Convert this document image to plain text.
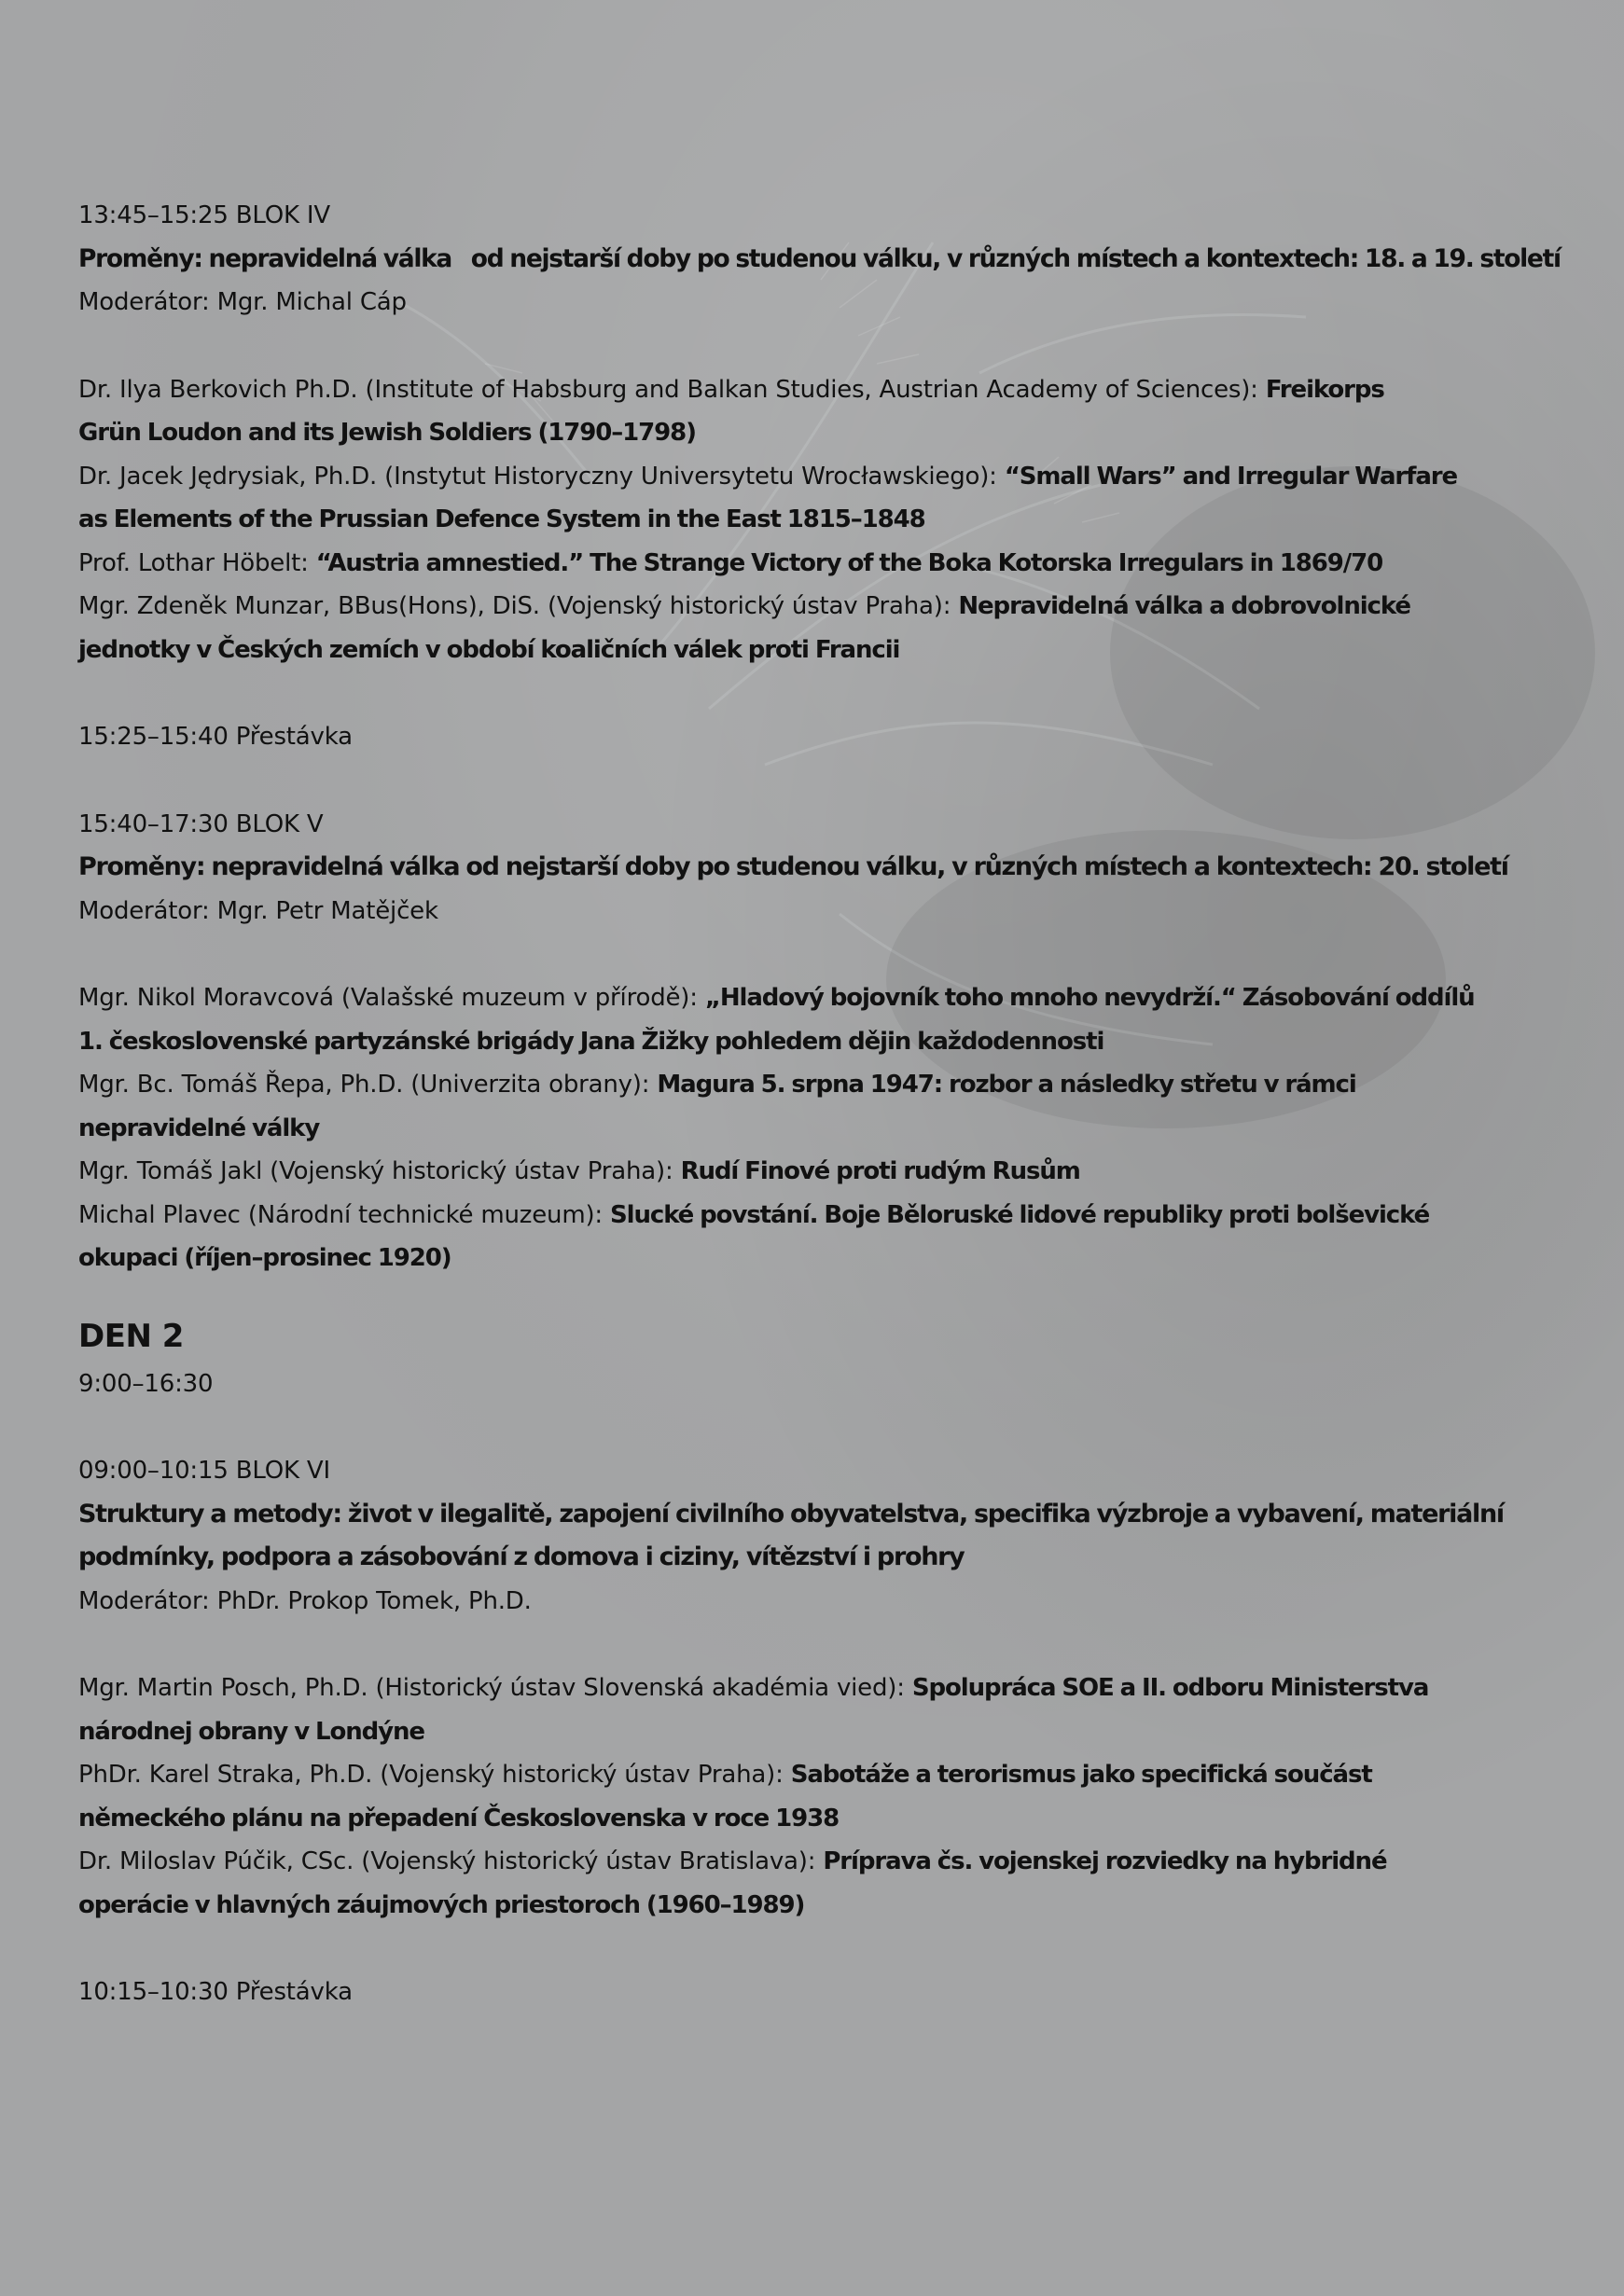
13:45–15:25 BLOK IV

Proměny: nepravidelná válka   od nejstarší doby po studenou válku, v různých místech a kontextech: 18. a 19. století

Moderátor: Mgr. Michal Cáp

Dr. Ilya Berkovich Ph.D. (Institute of Habsburg and Balkan Studies, Austrian Academy of Sciences): Freikorps

Grün Loudon and its Jewish Soldiers (1790–1798)

Dr. Jacek Jędrysiak, Ph.D. (Instytut Historyczny Universytetu Wrocławskiego): “Small Wars” and Irregular Warfare

as Elements of the Prussian Defence System in the East 1815–1848

Prof. Lothar Höbelt: “Austria amnestied.” The Strange Victory of the Boka Kotorska Irregulars in 1869/70

Mgr. Zdeněk Munzar, BBus(Hons), DiS. (Vojenský historický ústav Praha): Nepravidelná válka a dobrovolnické

jednotky v Českých zemích v období koaličních válek proti Francii

15:25–15:40 Přestávka

15:40–17:30 BLOK V

Proměny: nepravidelná válka od nejstarší doby po studenou válku, v různých místech a kontextech: 20. století

Moderátor: Mgr. Petr Matějček

Mgr. Nikol Moravcová (Valašské muzeum v přírodě): „Hladový bojovník toho mnoho nevydrží.“ Zásobování oddílů

1. československé partyzánské brigády Jana Žižky pohledem dějin každodennosti

Mgr. Bc. Tomáš Řepa, Ph.D. (Univerzita obrany): Magura 5. srpna 1947: rozbor a následky střetu v rámci

nepravidelné války

Mgr. Tomáš Jakl (Vojenský historický ústav Praha): Rudí Finové proti rudým Rusům

Michal Plavec (Národní technické muzeum): Slucké povstání. Boje Běloruské lidové republiky proti bolševické

okupaci (říjen–prosinec 1920)

DEN 2

9:00–16:30

09:00–10:15 BLOK VI

Struktury a metody: život v ilegalitě, zapojení civilního obyvatelstva, specifika výzbroje a vybavení, materiální

podmínky, podpora a zásobování z domova i ciziny, vítězství i prohry

Moderátor: PhDr. Prokop Tomek, Ph.D.

Mgr. Martin Posch, Ph.D. (Historický ústav Slovenská akadémia vied): Spolupráca SOE a II. odboru Ministerstva

národnej obrany v Londýne

PhDr. Karel Straka, Ph.D. (Vojenský historický ústav Praha): Sabotáže a terorismus jako specifická součást

německého plánu na přepadení Československa v roce 1938

Dr. Miloslav Púčik, CSc. (Vojenský historický ústav Bratislava): Príprava čs. vojenskej rozviedky na hybridné

operácie v hlavných záujmových priestoroch (1960–1989)

10:15–10:30 Přestávka
